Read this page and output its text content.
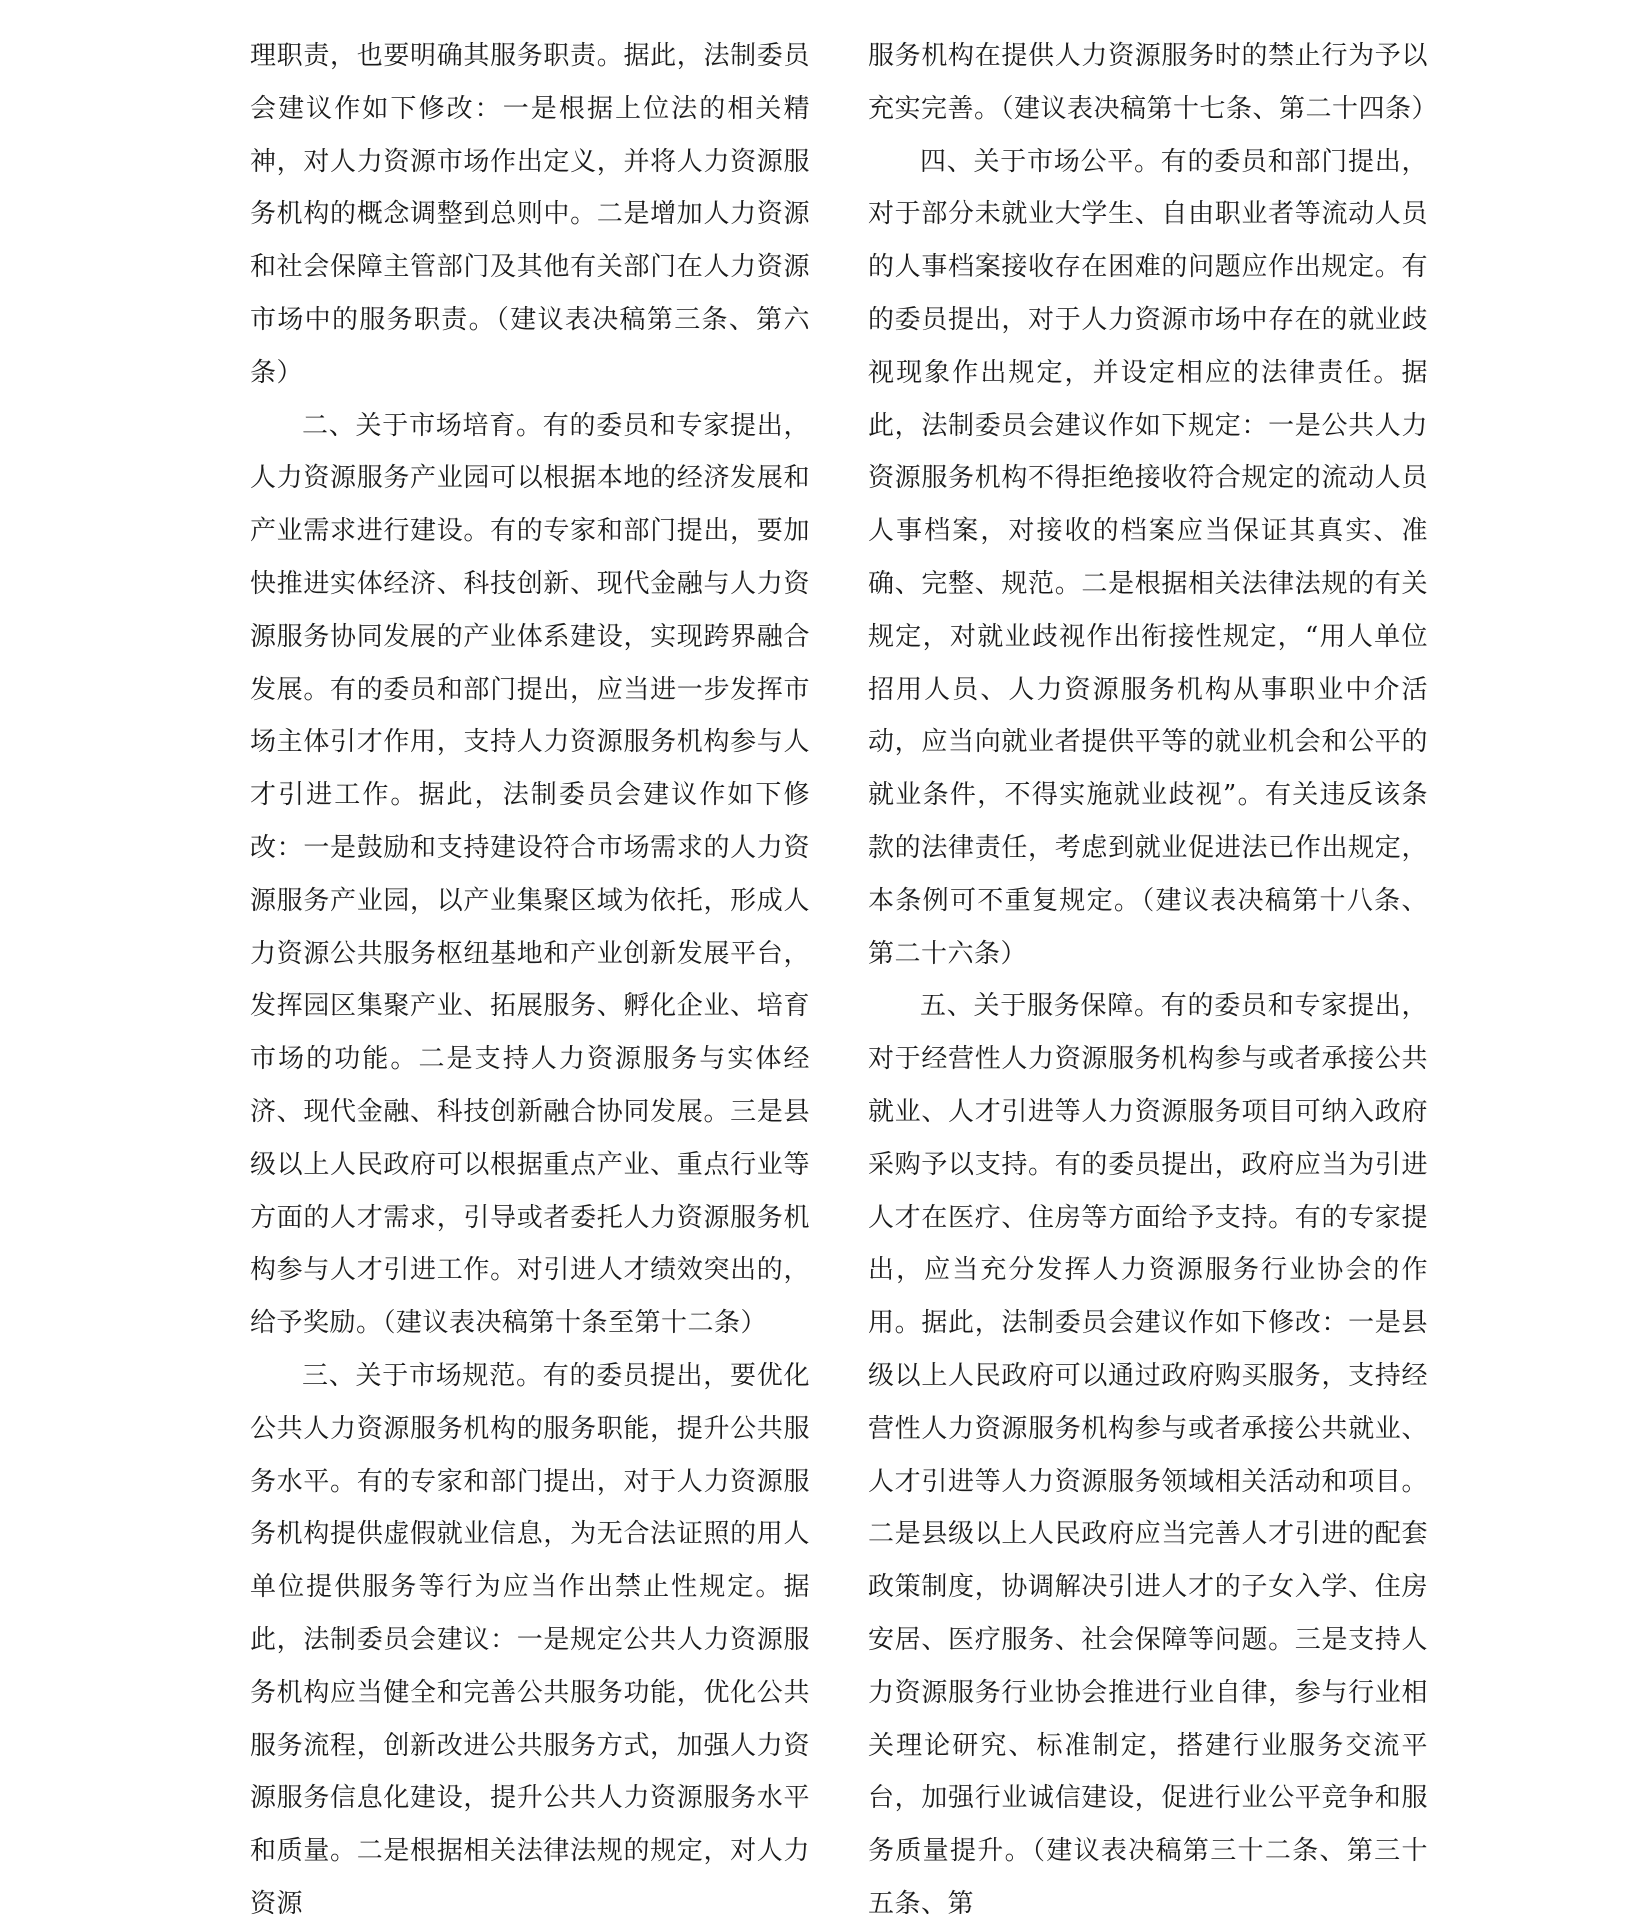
理职责，也要明确其服务职责。据此，法制委员会建议作如下修改：一是根据上位法的相关精神，对人力资源市场作出定义，并将人力资源服务机构的概念调整到总则中。二是增加人力资源和社会保障主管部门及其他有关部门在人力资源市场中的服务职责。（建议表决稿第三条、第六条）

二、关于市场培育。有的委员和专家提出，人力资源服务产业园可以根据本地的经济发展和产业需求进行建设。有的专家和部门提出，要加快推进实体经济、科技创新、现代金融与人力资源服务协同发展的产业体系建设，实现跨界融合发展。有的委员和部门提出，应当进一步发挥市场主体引才作用，支持人力资源服务机构参与人才引进工作。据此，法制委员会建议作如下修改：一是鼓励和支持建设符合市场需求的人力资源服务产业园，以产业集聚区域为依托，形成人力资源公共服务枢纽基地和产业创新发展平台，发挥园区集聚产业、拓展服务、孵化企业、培育市场的功能。二是支持人力资源服务与实体经济、现代金融、科技创新融合协同发展。三是县级以上人民政府可以根据重点产业、重点行业等方面的人才需求，引导或者委托人力资源服务机构参与人才引进工作。对引进人才绩效突出的，给予奖励。（建议表决稿第十条至第十二条）

三、关于市场规范。有的委员提出，要优化公共人力资源服务机构的服务职能，提升公共服务水平。有的专家和部门提出，对于人力资源服务机构提供虚假就业信息，为无合法证照的用人单位提供服务等行为应当作出禁止性规定。据此，法制委员会建议：一是规定公共人力资源服务机构应当健全和完善公共服务功能，优化公共服务流程，创新改进公共服务方式，加强人力资源服务信息化建设，提升公共人力资源服务水平和质量。二是根据相关法律法规的规定，对人力资源

服务机构在提供人力资源服务时的禁止行为予以充实完善。（建议表决稿第十七条、第二十四条）

四、关于市场公平。有的委员和部门提出，对于部分未就业大学生、自由职业者等流动人员的人事档案接收存在困难的问题应作出规定。有的委员提出，对于人力资源市场中存在的就业歧视现象作出规定，并设定相应的法律责任。据此，法制委员会建议作如下规定：一是公共人力资源服务机构不得拒绝接收符合规定的流动人员人事档案，对接收的档案应当保证其真实、准确、完整、规范。二是根据相关法律法规的有关规定，对就业歧视作出衔接性规定，“用人单位招用人员、人力资源服务机构从事职业中介活动，应当向就业者提供平等的就业机会和公平的就业条件，不得实施就业歧视”。有关违反该条款的法律责任，考虑到就业促进法已作出规定，本条例可不重复规定。（建议表决稿第十八条、第二十六条）

五、关于服务保障。有的委员和专家提出，对于经营性人力资源服务机构参与或者承接公共就业、人才引进等人力资源服务项目可纳入政府采购予以支持。有的委员提出，政府应当为引进人才在医疗、住房等方面给予支持。有的专家提出，应当充分发挥人力资源服务行业协会的作用。据此，法制委员会建议作如下修改：一是县级以上人民政府可以通过政府购买服务，支持经营性人力资源服务机构参与或者承接公共就业、人才引进等人力资源服务领域相关活动和项目。二是县级以上人民政府应当完善人才引进的配套政策制度，协调解决引进人才的子女入学、住房安居、医疗服务、社会保障等问题。三是支持人力资源服务行业协会推进行业自律，参与行业相关理论研究、标准制定，搭建行业服务交流平台，加强行业诚信建设，促进行业公平竞争和服务质量提升。（建议表决稿第三十二条、第三十五条、第
